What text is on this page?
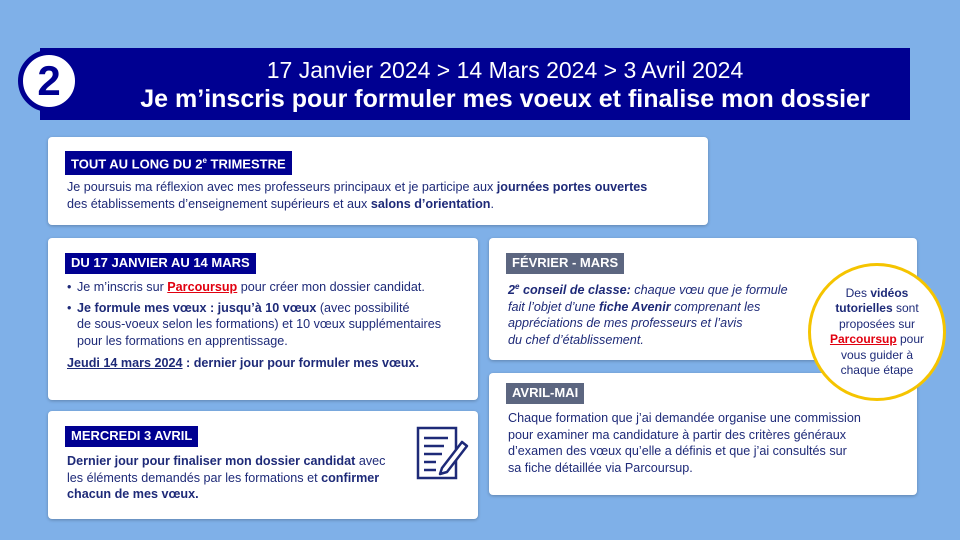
17 Janvier 2024 > 14 Mars 2024 > 3 Avril 2024
Je m’inscris pour formuler mes voeux et finalise mon dossier
2
TOUT AU LONG DU 2e TRIMESTRE
Je poursuis ma réflexion avec mes professeurs principaux et je participe aux journées portes ouvertes
des établissements d’enseignement supérieurs et aux salons d’orientation.
DU 17 JANVIER AU 14 MARS
• Je m’inscris sur Parcoursup pour créer mon dossier candidat.
• Je formule mes vœux : jusqu’à 10 vœux (avec possibilité
de sous-voeux selon les formations) et 10 vœux supplémentaires
pour les formations en apprentissage.
Jeudi 14 mars 2024 : dernier jour pour formuler mes vœux.
MERCREDI 3 AVRIL
Dernier jour pour finaliser mon dossier candidat avec
les éléments demandés par les formations et confirmer
chacun de mes vœux.
FÉVRIER - MARS
2e conseil de classe: chaque vœu que je formule
fait l’objet d’une fiche Avenir comprenant les
appréciations de mes professeurs et l’avis
du chef d’établissement.
AVRIL-MAI
Chaque formation que j’ai demandée organise une commission
pour examiner ma candidature à partir des critères généraux
d’examen des vœux qu’elle a définis et que j’ai consultés sur
sa fiche détaillée via Parcoursup.
Des vidéos tutorielles sont proposées sur Parcoursup pour vous guider à chaque étape
